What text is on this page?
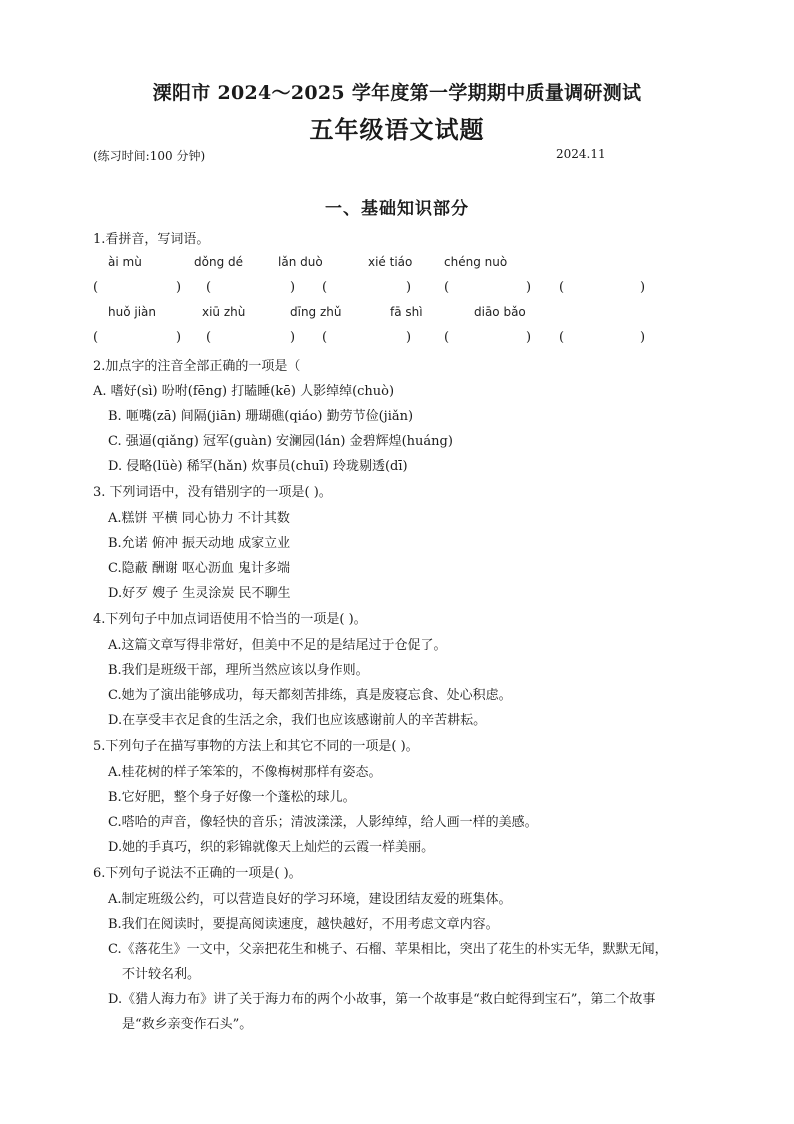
溧阳市 2024～2025 学年度第一学期期中质量调研测试
五年级语文试题
(练习时间:100 分钟)	2024.11
一、基础知识部分
1.看拼音，写词语。
ài mù	dǒng dé	lǎn duò	xié tiáo	chéng nuò
(	) (	) (	)	(	) (	)
huǒ jiàn	xiū zhù	dīng zhǔ	fā shì	diāo bǎo
(	) (	) (	)	(	) (	)
2.加点字的注音全部正确的一项是（
A. 嗜好(sì) 吩咐(fēng) 打瞌睡(kē) 人影绰绰(chuò)
B. 咂嘴(zā) 间隔(jiān) 珊瑚礁(qiáo) 勤劳节俭(jiǎn)
C. 强逼(qiǎng) 冠军(guàn) 安澜园(lán) 金碧辉煌(huáng)
D. 侵略(lüè) 稀罕(hǎn) 炊事员(chuī) 玲珑剔透(dī)
3. 下列词语中，没有错别字的一项是( )。
A.糕饼 平横 同心协力 不计其数
B.允诺 俯冲 振天动地 成家立业
C.隐蔽 酬谢 呕心沥血 鬼计多端
D.好歹 嫂子 生灵涂炭 民不聊生
4.下列句子中加点词语使用不恰当的一项是( )。
A.这篇文章写得非常好，但美中不足的是结尾过于仓促了。
B.我们是班级干部，理所当然应该以身作则。
C.她为了演出能够成功，每天都刻苦排练，真是废寝忘食、处心积虑。
D.在享受丰衣足食的生活之余，我们也应该感谢前人的辛苦耕耘。
5.下列句子在描写事物的方法上和其它不同的一项是( )。
A.桂花树的样子笨笨的，不像梅树那样有姿态。
B.它好肥，整个身子好像一个蓬松的球儿。
C.嗒哈的声音，像轻快的音乐；清波漾漾，人影绰绰，给人画一样的美感。
D.她的手真巧，织的彩锦就像天上灿烂的云霞一样美丽。
6.下列句子说法不正确的一项是( )。
A.制定班级公约，可以营造良好的学习环境，建设团结友爱的班集体。
B.我们在阅读时，要提高阅读速度，越快越好，不用考虑文章内容。
C.《落花生》一文中，父亲把花生和桃子、石榴、苹果相比，突出了花生的朴实无华，默默无闻，
不计较名利。
D.《猎人海力布》讲了关于海力布的两个小故事，第一个故事是“救白蛇得到宝石”，第二个故事
是“救乡亲变作石头”。
